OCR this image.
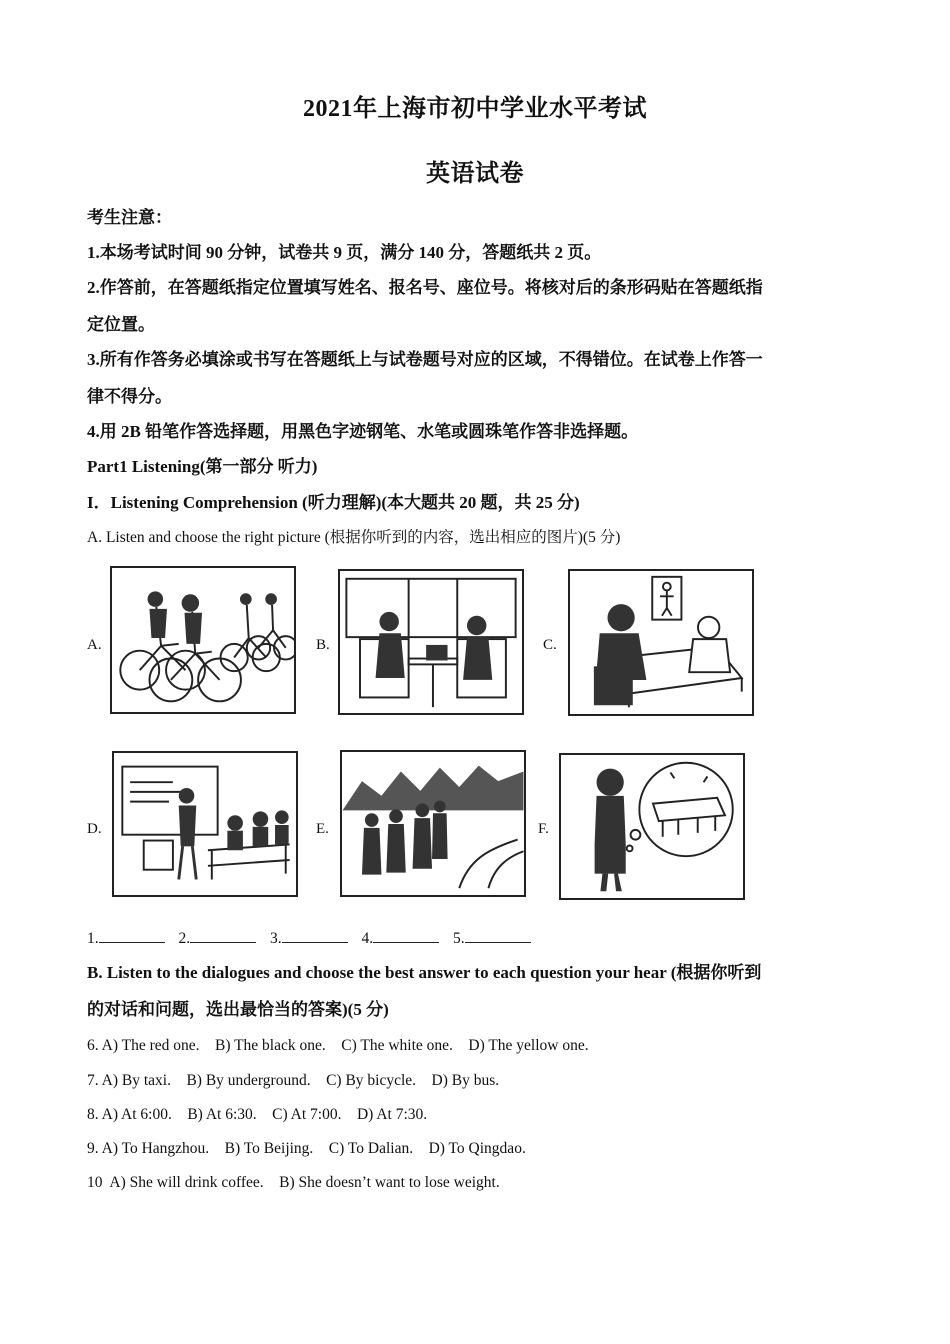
2021年上海市初中学业水平考试
英语试卷
考生注意：
1.本场考试时间 90 分钟，试卷共 9 页，满分 140 分，答题纸共 2 页。
2.作答前，在答题纸指定位置填写姓名、报名号、座位号。将核对后的条形码贴在答题纸指
定位置。
3.所有作答务必填涂或书写在答题纸上与试卷题号对应的区域，不得错位。在试卷上作答一
律不得分。
4.用 2B 铅笔作答选择题，用黑色字迹钢笔、水笔或圆珠笔作答非选择题。
Part1 Listening(第一部分 听力)
I．Listening Comprehension (听力理解)(本大题共 20 题，共 25 分)
A. Listen and choose the right picture (根据你听到的内容，选出相应的图片)(5 分)
A.	B.	C.
D.	E.	F.
1.	2.	3.	4.	5.
B. Listen to the dialogues and choose the best answer to each question your hear (根据你听到
的对话和问题，选出最恰当的答案)(5 分)
6. A) The red one.    B) The black one.    C) The white one.    D) The yellow one.
7. A) By taxi.    B) By underground.    C) By bicycle.    D) By bus.
8. A) At 6:00.    B) At 6:30.    C) At 7:00.    D) At 7:30.
9. A) To Hangzhou.    B) To Beijing.    C) To Dalian.    D) To Qingdao.
10  A) She will drink coffee.    B) She doesn’t want to lose weight.
